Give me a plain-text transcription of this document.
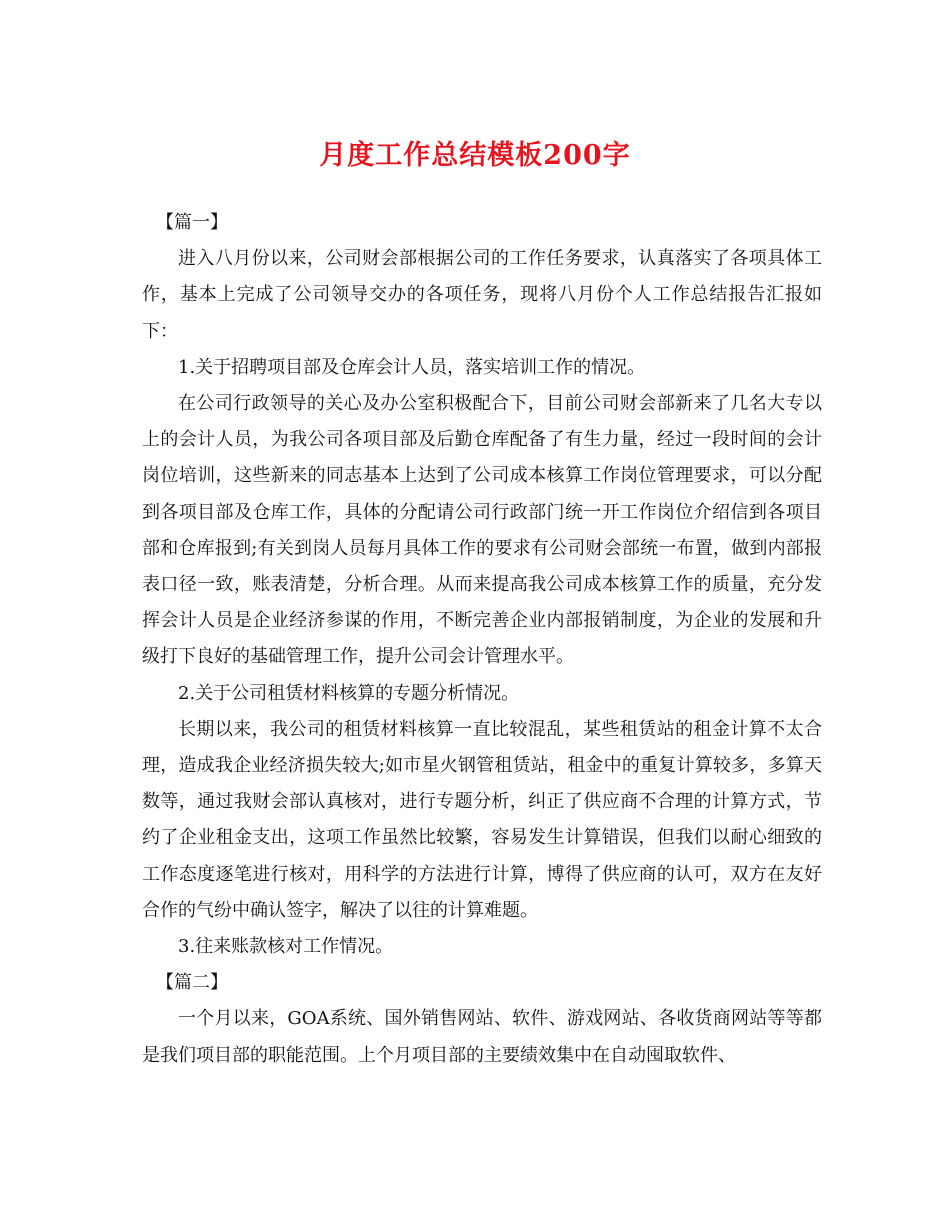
月度工作总结模板200字

【篇一】

进入八月份以来，公司财会部根据公司的工作任务要求，认真落实了各项具体工作，基本上完成了公司领导交办的各项任务，现将八月份个人工作总结报告汇报如下：

1.关于招聘项目部及仓库会计人员，落实培训工作的情况。

在公司行政领导的关心及办公室积极配合下，目前公司财会部新来了几名大专以上的会计人员，为我公司各项目部及后勤仓库配备了有生力量，经过一段时间的会计岗位培训，这些新来的同志基本上达到了公司成本核算工作岗位管理要求，可以分配到各项目部及仓库工作，具体的分配请公司行政部门统一开工作岗位介绍信到各项目部和仓库报到;有关到岗人员每月具体工作的要求有公司财会部统一布置，做到内部报表口径一致，账表清楚，分析合理。从而来提高我公司成本核算工作的质量，充分发挥会计人员是企业经济参谋的作用，不断完善企业内部报销制度，为企业的发展和升级打下良好的基础管理工作，提升公司会计管理水平。

2.关于公司租赁材料核算的专题分析情况。

长期以来，我公司的租赁材料核算一直比较混乱，某些租赁站的租金计算不太合理，造成我企业经济损失较大;如市星火钢管租赁站，租金中的重复计算较多，多算天数等，通过我财会部认真核对，进行专题分析，纠正了供应商不合理的计算方式，节约了企业租金支出，这项工作虽然比较繁，容易发生计算错误，但我们以耐心细致的工作态度逐笔进行核对，用科学的方法进行计算，博得了供应商的认可，双方在友好合作的气纷中确认签字，解决了以往的计算难题。

3.往来账款核对工作情况。

【篇二】

一个月以来，GOA系统、国外销售网站、软件、游戏网站、各收货商网站等等都是我们项目部的职能范围。上个月项目部的主要绩效集中在自动囤取软件、
